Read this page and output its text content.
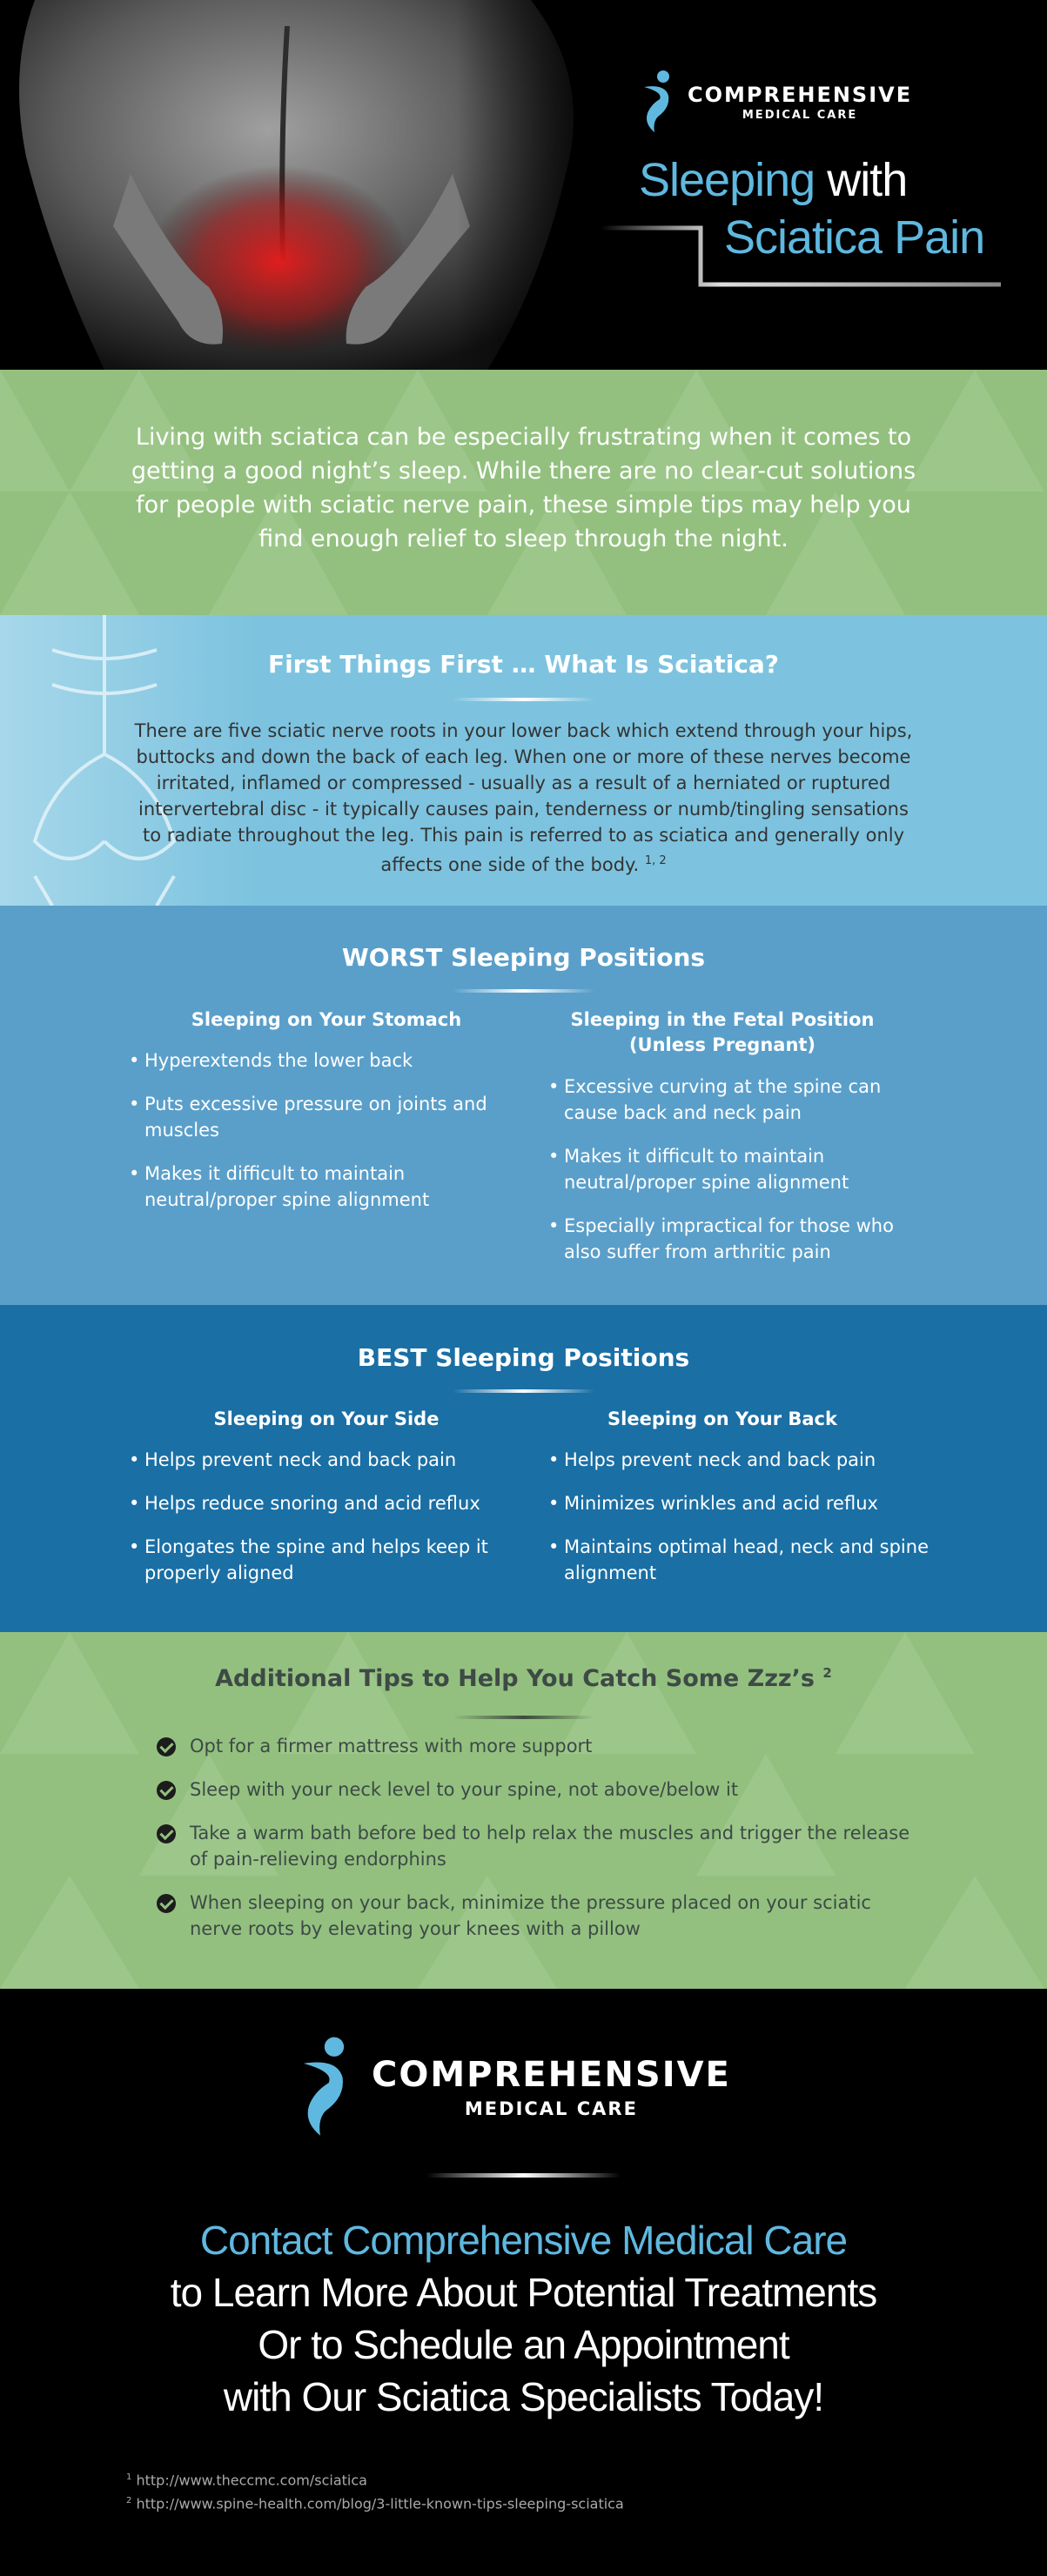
COMPREHENSIVE
MEDICAL CARE
Sleeping with
Sciatica Pain

Living with sciatica can be especially frustrating when it comes to getting a good night’s sleep. While there are no clear-cut solutions for people with sciatic nerve pain, these simple tips may help you find enough relief to sleep through the night.

First Things First … What Is Sciatica?

There are five sciatic nerve roots in your lower back which extend through your hips, buttocks and down the back of each leg. When one or more of these nerves become irritated, inflamed or compressed - usually as a result of a herniated or ruptured intervertebral disc - it typically causes pain, tenderness or numb/tingling sensations to radiate throughout the leg. This pain is referred to as sciatica and generally only affects one side of the body. $^{1, 2}$

WORST Sleeping Positions
Sleeping on Your Stomach
• Hyperextends the lower back
• Puts excessive pressure on joints and muscles
• Makes it difficult to maintain neutral/proper spine alignment
Sleeping in the Fetal Position
(Unless Pregnant)
• Excessive curving at the spine can cause back and neck pain
• Makes it difficult to maintain neutral/proper spine alignment
• Especially impractical for those who also suffer from arthritic pain
BEST Sleeping Positions
Sleeping on Your Side
• Helps prevent neck and back pain
• Helps reduce snoring and acid reflux
• Elongates the spine and helps keep it properly aligned
Sleeping on Your Back
• Helps prevent neck and back pain
• Minimizes wrinkles and acid reflux
• Maintains optimal head, neck and spine alignment
Additional Tips to Help You Catch Some Zzz’s $^2$
Opt for a firmer mattress with more support
Sleep with your neck level to your spine, not above/below it
Take a warm bath before bed to help relax the muscles and trigger the release of pain-relieving endorphins
When sleeping on your back, minimize the pressure placed on your sciatic nerve roots by elevating your knees with a pillow
COMPREHENSIVE
MEDICAL CARE
Contact Comprehensive Medical Care
to Learn More About Potential Treatments
Or to Schedule an Appointment
with Our Sciatica Specialists Today!
$^1$ http://www.theccmc.com/sciatica
$^2$ http://www.spine-health.com/blog/3-little-known-tips-sleeping-sciatica
